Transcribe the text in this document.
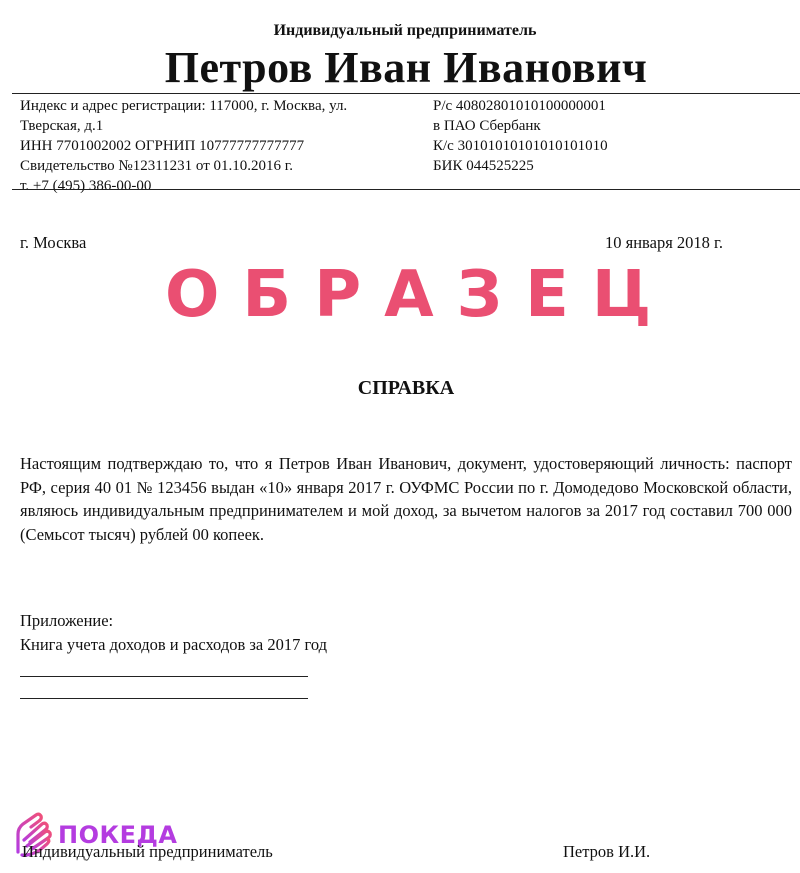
Индивидуальный предприниматель
Петров Иван Иванович
Индекс и адрес регистрации: 117000, г. Москва, ул.
Тверская, д.1
ИНН 7701002002 ОГРНИП 10777777777777
Свидетельство №12311231 от 01.10.2016 г.
т. +7 (495) 386-00-00
Р/с 40802801010100000001
в ПАО Сбербанк
К/с 30101010101010101010
БИК 044525225
г. Москва	10 января 2018 г.
ОБРАЗЕЦ
СПРАВКА
Настоящим подтверждаю то, что я Петров Иван Иванович, документ, удостоверяющий личность: паспорт РФ, серия 40 01 № 123456 выдан «10» января 2017 г. ОУФМС России по г. Домодедово Московской области, являюсь индивидуальным предпринимателем и мой доход, за вычетом налогов за 2017 год составил 700 000 (Семьсот тысяч) рублей 00 копеек.
Приложение:
Книга учета доходов и расходов за 2017 год
ПОКЕДА
Индивидуальный предприниматель	Петров И.И.
